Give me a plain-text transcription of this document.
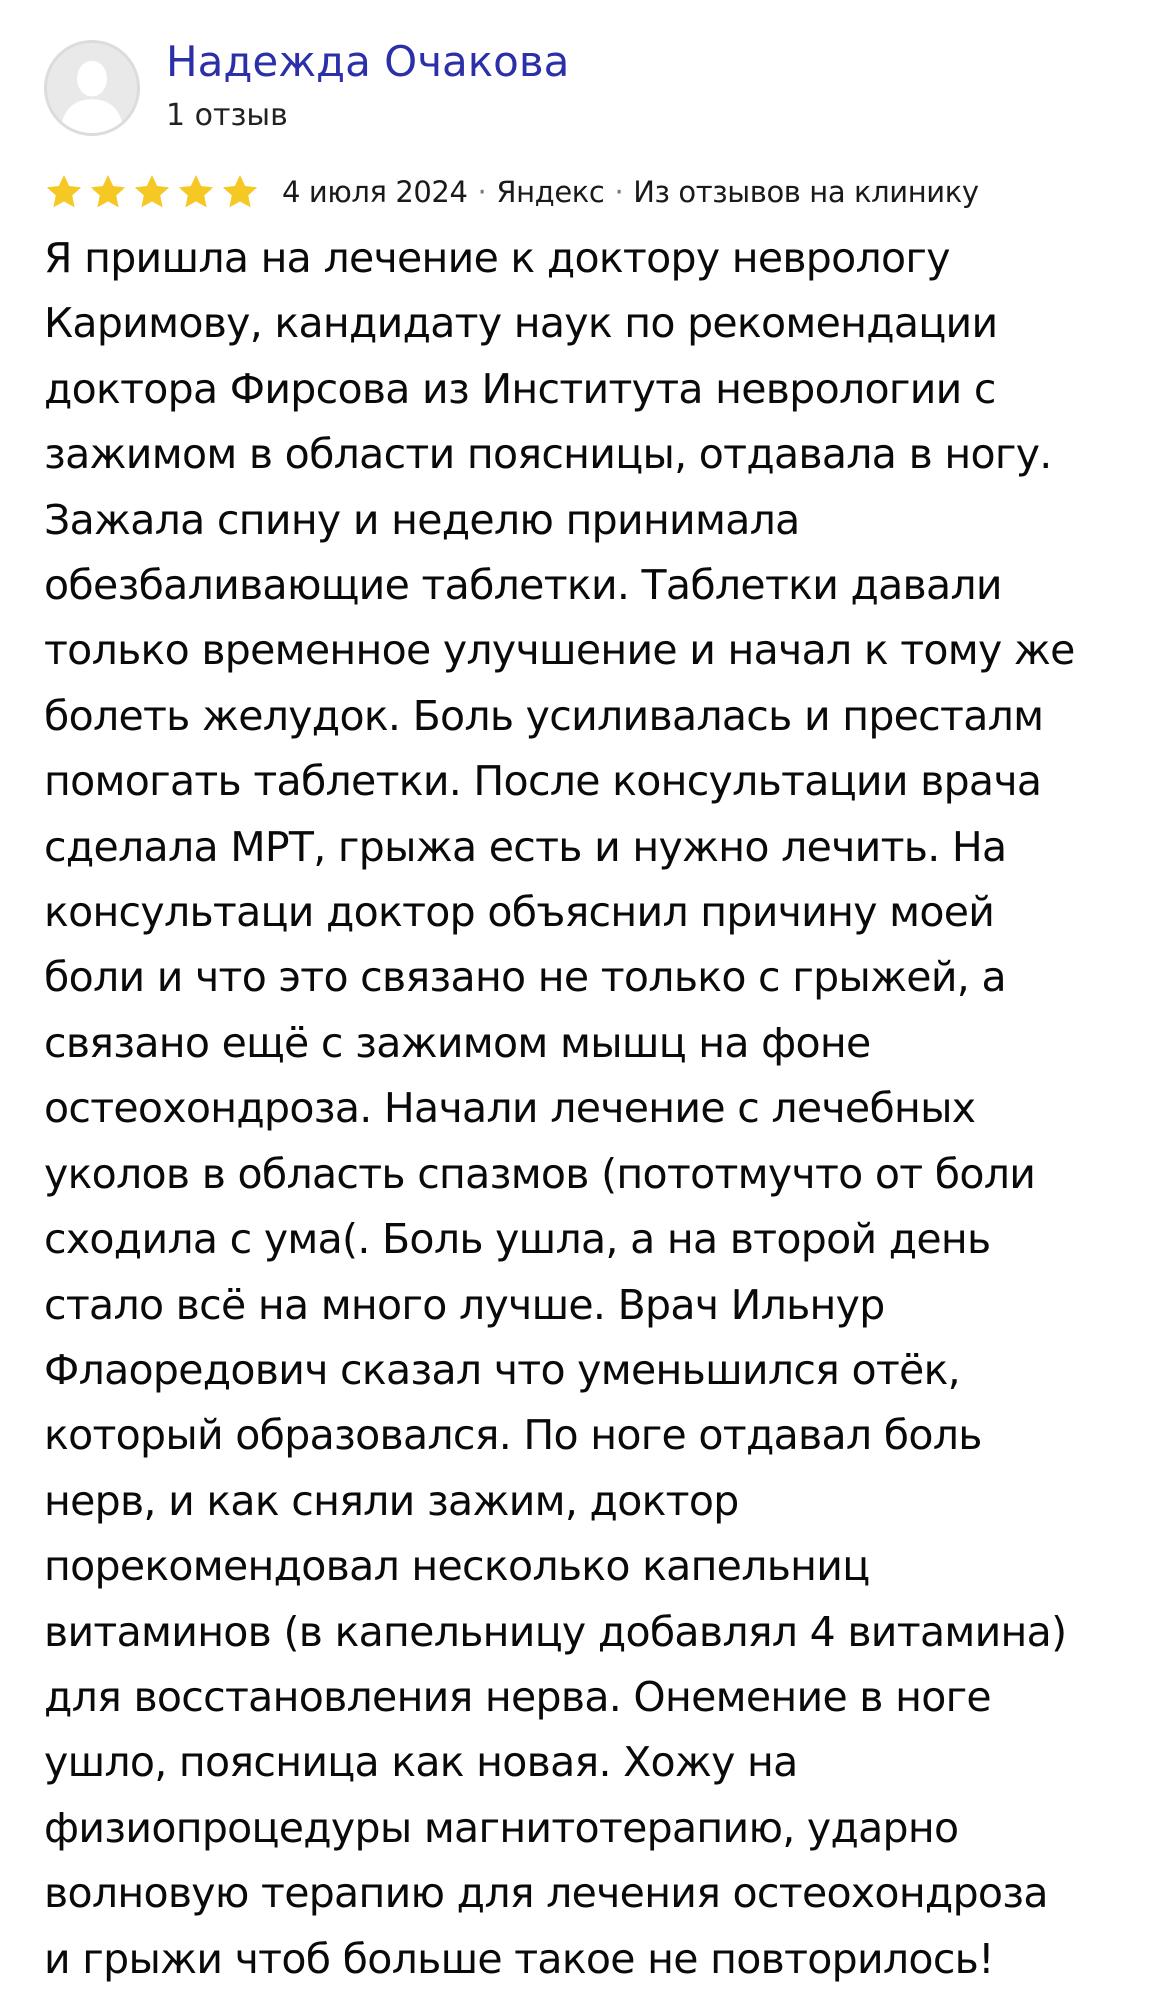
Надежда Очакова
1 отзыв
4 июля 2024 · Яндекс · Из отзывов на клинику

Я пришла на лечение к доктору неврологу
Каримову, кандидату наук по рекомендации
доктора Фирсова из Института неврологии с
зажимом в области поясницы, отдавала в ногу.
Зажала спину и неделю принимала
обезбаливающие таблетки. Таблетки давали
только временное улучшение и начал к тому же
болеть желудок. Боль усиливалась и престалм
помогать таблетки. После консультации врача
сделала МРТ, грыжа есть и нужно лечить. На
консультаци доктор объяснил причину моей
боли и что это связано не только с грыжей, а
связано ещё с зажимом мышц на фоне
остеохондроза. Начали лечение с лечебных
уколов в область спазмов (пототмучто от боли
сходила с ума(. Боль ушла, а на второй день
стало всё на много лучше. Врач Ильнур
Флаоредович сказал что уменьшился отёк,
который образовался. По ноге отдавал боль
нерв, и как сняли зажим, доктор
порекомендовал несколько капельниц
витаминов (в капельницу добавлял 4 витамина)
для восстановления нерва. Онемение в ноге
ушло, поясница как новая. Хожу на
физиопроцедуры магнитотерапию, ударно
волновую терапию для лечения остеохондроза
и грыжи чтоб больше такое не повторилось!
